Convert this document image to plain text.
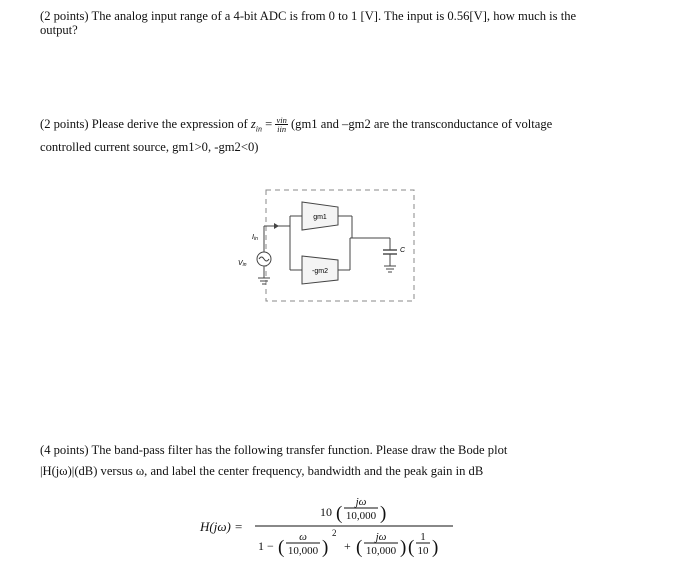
(2 points) The analog input range of a 4-bit ADC is from 0 to 1 [V]. The input is 0.56[V], how much is the
output?
(2 points) Please derive the expression of $z_{in} = \frac{\text{vin}}{\text{iin}} (gm1$ and –gm2 are the transconductance of voltage
controlled current source, gm1>0, -gm2<0)
gm1
-gm2
Iin
Vin
C
(4 points) The band-pass filter has the following transfer function. Please draw the Bode plot
|H(jω)|(dB) versus ω, and label the center frequency, bandwidth and the peak gain in dB
H(jω) =
10 (
jω
10,000 )
1 − ( ω
10,000 )
2
+ ( jω
10,000 ) ( 1
10 )
